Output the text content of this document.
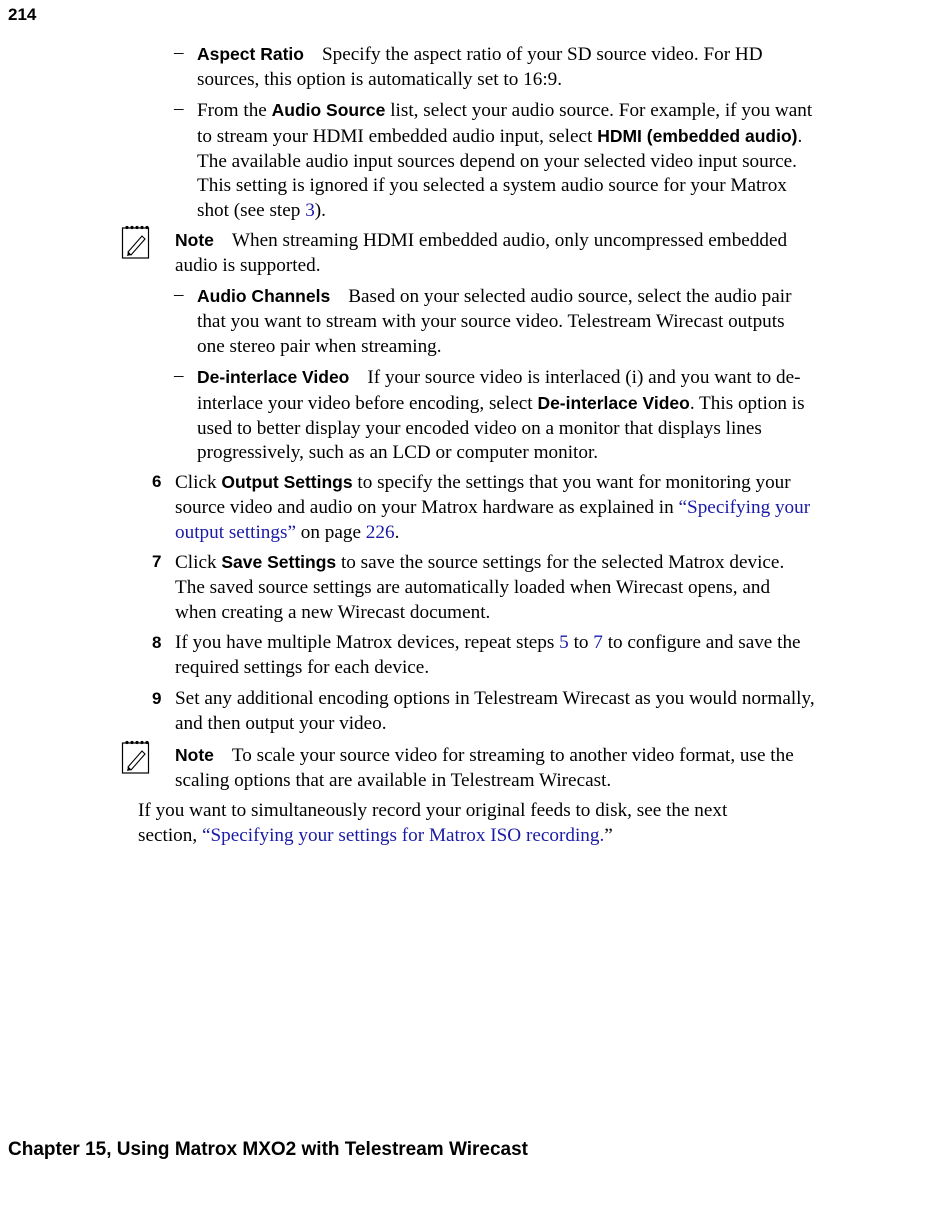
214
– Aspect Ratio Specify the aspect ratio of your SD source video. For HD sources, this option is automatically set to 16:9.
– From the Audio Source list, select your audio source. For example, if you want to stream your HDMI embedded audio input, select HDMI (embedded audio). The available audio input sources depend on your selected video input source. This setting is ignored if you selected a system audio source for your Matrox shot (see step 3).
Note When streaming HDMI embedded audio, only uncompressed embedded audio is supported.
– Audio Channels Based on your selected audio source, select the audio pair that you want to stream with your source video. Telestream Wirecast outputs one stereo pair when streaming.
– De-interlace Video If your source video is interlaced (i) and you want to de-interlace your video before encoding, select De-interlace Video. This option is used to better display your encoded video on a monitor that displays lines progressively, such as an LCD or computer monitor.
6 Click Output Settings to specify the settings that you want for monitoring your source video and audio on your Matrox hardware as explained in “Specifying your output settings” on page 226.
7 Click Save Settings to save the source settings for the selected Matrox device. The saved source settings are automatically loaded when Wirecast opens, and when creating a new Wirecast document.
8 If you have multiple Matrox devices, repeat steps 5 to 7 to configure and save the required settings for each device.
9 Set any additional encoding options in Telestream Wirecast as you would normally, and then output your video.
Note To scale your source video for streaming to another video format, use the scaling options that are available in Telestream Wirecast.
If you want to simultaneously record your original feeds to disk, see the next section, “Specifying your settings for Matrox ISO recording.”
Chapter 15, Using Matrox MXO2 with Telestream Wirecast
